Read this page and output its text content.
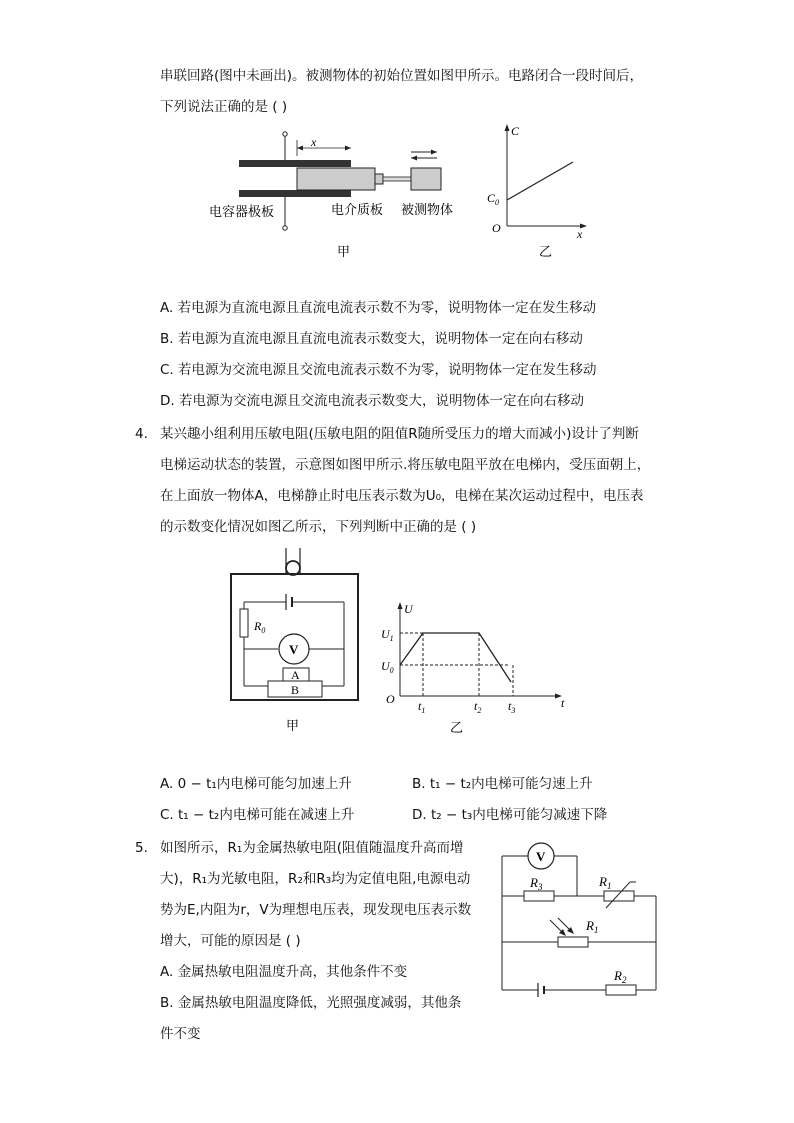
串联回路(图中未画出)。被测物体的初始位置如图甲所示。电路闭合一段时间后，
下列说法正确的是 ( )
x
电容器极板	电介质板 被测物体
甲
C
$C_0$
O	x
乙
A. 若电源为直流电源且直流电流表示数不为零，说明物体一定在发生移动
B. 若电源为直流电源且直流电流表示数变大，说明物体一定在向右移动
C. 若电源为交流电源且交流电流表示数不为零，说明物体一定在发生移动
D. 若电源为交流电源且交流电流表示数变大，说明物体一定在向右移动
4. 某兴趣小组利用压敏电阻(压敏电阻的阻值R随所受压力的增大而减小)设计了判断
电梯运动状态的装置，示意图如图甲所示.将压敏电阻平放在电梯内，受压面朝上，
在上面放一物体A，电梯静止时电压表示数为U₀，电梯在某次运动过程中，电压表
的示数变化情况如图乙所示，下列判断中正确的是 ( )
V
$R_0$
A
B
甲
U
$U_1$
$U_0$
O $t_1$	$t_2$ $t_3$
t
乙
A. 0 − t₁内电梯可能匀加速上升	B. t₁ − t₂内电梯可能匀速上升
C. t₁ − t₂内电梯可能在减速上升	D. t₂ − t₃内电梯可能匀减速下降
5. 如图所示，R₁为金属热敏电阻(阻值随温度升高而增
大)，R₁为光敏电阻，R₂和R₃均为定值电阻,电源电动
势为E,内阻为r，V为理想电压表，现发现电压表示数
增大，可能的原因是 ( )
A. 金属热敏电阻温度升高，其他条件不变
B. 金属热敏电阻温度降低，光照强度减弱，其他条
件不变
V
$R_3$	$R_1$
$R_1$
$R_2$
